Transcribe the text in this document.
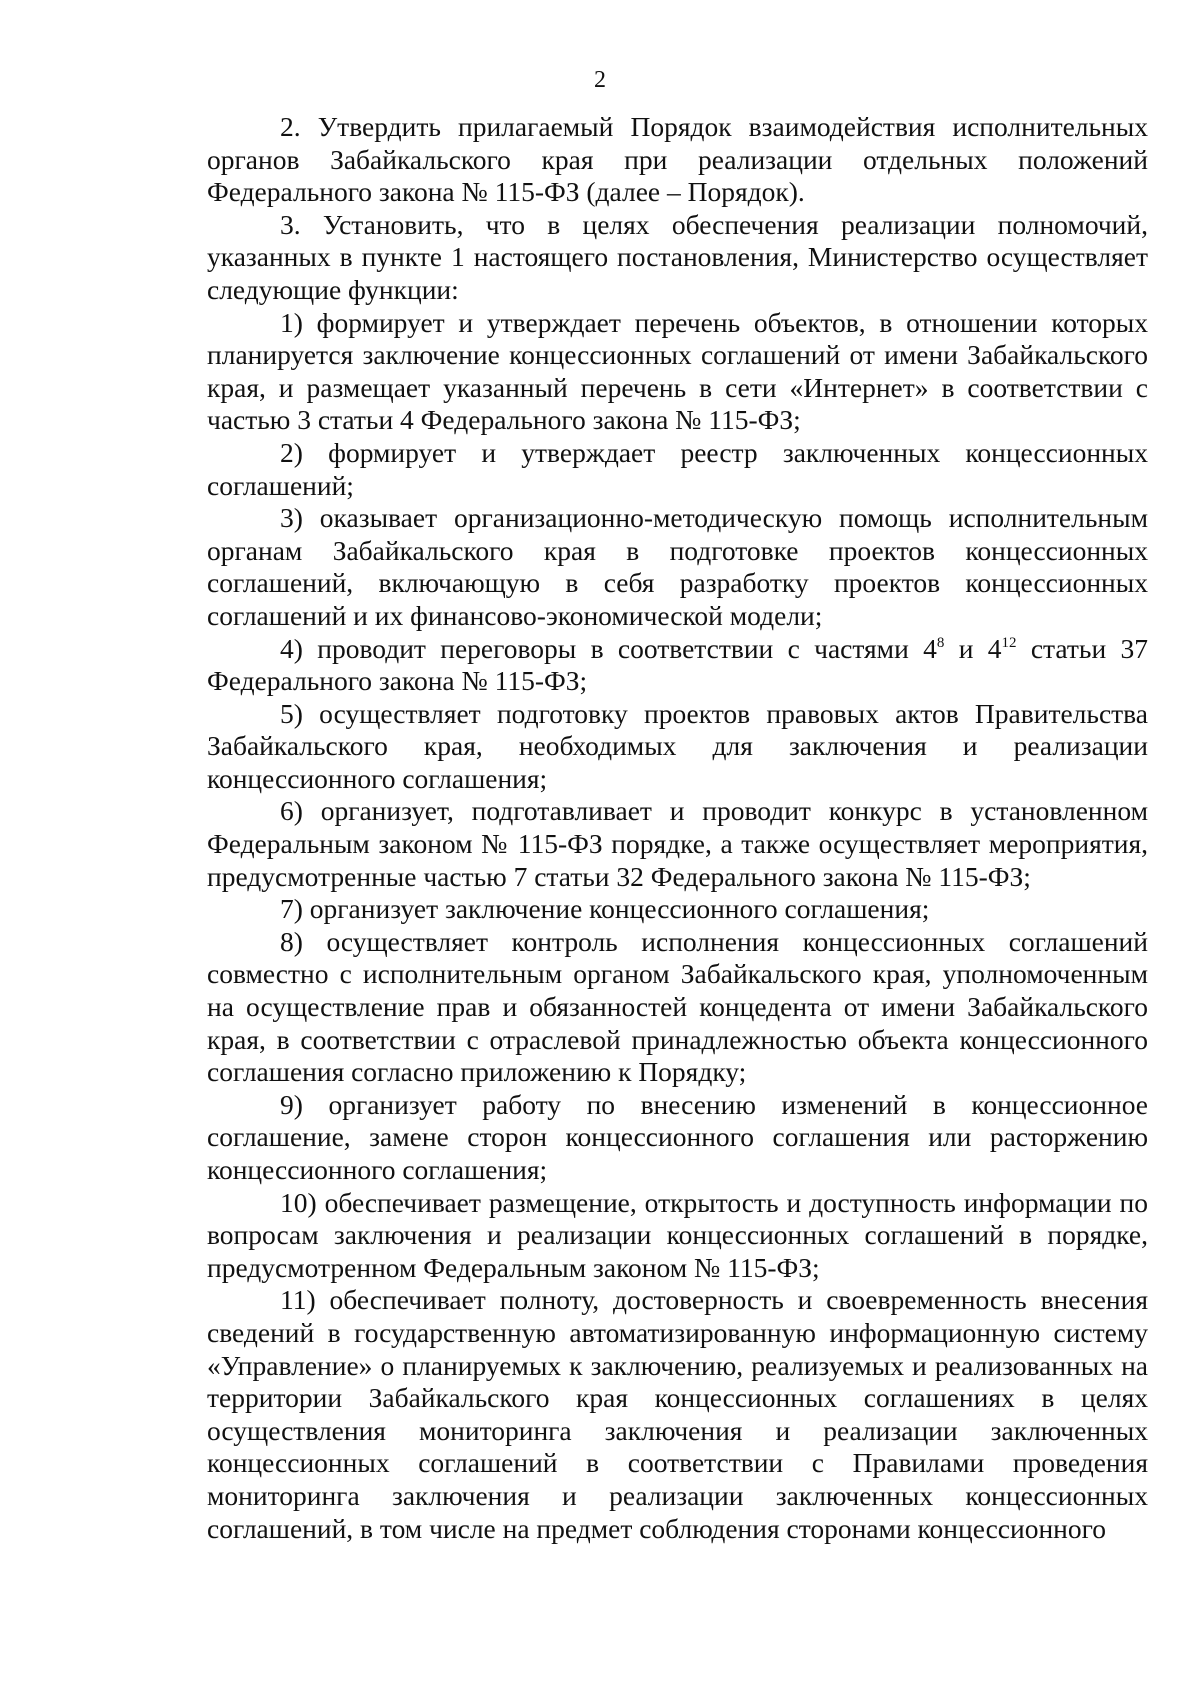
2

2. Утвердить прилагаемый Порядок взаимодействия исполнительных органов Забайкальского края при реализации отдельных положений Федерального закона № 115-ФЗ (далее – Порядок).

3. Установить, что в целях обеспечения реализации полномочий, указанных в пункте 1 настоящего постановления, Министерство осуществляет следующие функции:

1) формирует и утверждает перечень объектов, в отношении которых планируется заключение концессионных соглашений от имени Забайкальского края, и размещает указанный перечень в сети «Интернет» в соответствии с частью 3 статьи 4 Федерального закона № 115-ФЗ;

2) формирует и утверждает реестр заключенных концессионных соглашений;

3) оказывает организационно-методическую помощь исполнительным органам Забайкальского края в подготовке проектов концессионных соглашений, включающую в себя разработку проектов концессионных соглашений и их финансово-экономической модели;

4) проводит переговоры в соответствии с частями $4^8$ и $4^{12}$ статьи 37 Федерального закона № 115-ФЗ;

5) осуществляет подготовку проектов правовых актов Правительства Забайкальского края, необходимых для заключения и реализации концессионного соглашения;

6) организует, подготавливает и проводит конкурс в установленном Федеральным законом № 115-ФЗ порядке, а также осуществляет мероприятия, предусмотренные частью 7 статьи 32 Федерального закона № 115-ФЗ;

7) организует заключение концессионного соглашения;

8) осуществляет контроль исполнения концессионных соглашений совместно с исполнительным органом Забайкальского края, уполномоченным на осуществление прав и обязанностей концедента от имени Забайкальского края, в соответствии с отраслевой принадлежностью объекта концессионного соглашения согласно приложению к Порядку;

9) организует работу по внесению изменений в концессионное соглашение, замене сторон концессионного соглашения или расторжению концессионного соглашения;

10) обеспечивает размещение, открытость и доступность информации по вопросам заключения и реализации концессионных соглашений в порядке, предусмотренном Федеральным законом № 115-ФЗ;

11) обеспечивает полноту, достоверность и своевременность внесения сведений в государственную автоматизированную информационную систему «Управление» о планируемых к заключению, реализуемых и реализованных на территории Забайкальского края концессионных соглашениях в целях осуществления мониторинга заключения и реализации заключенных концессионных соглашений в соответствии с Правилами проведения мониторинга заключения и реализации заключенных концессионных соглашений, в том числе на предмет соблюдения сторонами концессионного
